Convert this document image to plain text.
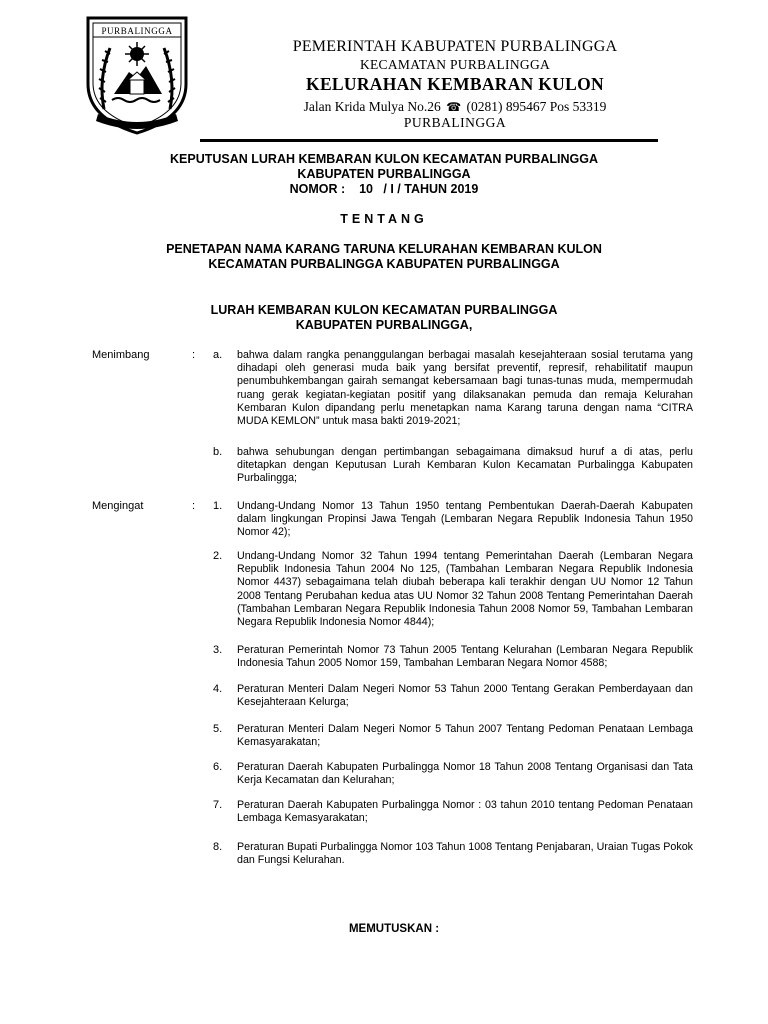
PURBALINGGA
PEMERINTAH KABUPATEN PURBALINGGA
KECAMATAN PURBALINGGA
KELURAHAN KEMBARAN KULON
Jalan Krida Mulya No.26 ☎ (0281) 895467 Pos 53319
PURBALINGGA
KEPUTUSAN LURAH KEMBARAN KULON KECAMATAN PURBALINGGA
KABUPATEN PURBALINGGA
NOMOR :    10   / I / TAHUN 2019
TENTANG
PENETAPAN NAMA KARANG TARUNA KELURAHAN KEMBARAN KULON
KECAMATAN PURBALINGGA KABUPATEN PURBALINGGA
LURAH KEMBARAN KULON KECAMATAN PURBALINGGA
KABUPATEN PURBALINGGA,
Menimbang	: a. bahwa dalam rangka penanggulangan berbagai masalah kesejahteraan sosial terutama yang dihadapi oleh generasi muda baik yang bersifat preventif, represif, rehabilitatif maupun penumbuhkembangan gairah semangat kebersamaan bagi tunas-tunas muda, mempermudah ruang gerak kegiatan-kegiatan positif yang dilaksanakan pemuda dan remaja Kelurahan Kembaran Kulon dipandang perlu menetapkan nama Karang taruna dengan nama “CITRA MUDA KEMLON” untuk masa bakti 2019-2021;
b. bahwa sehubungan dengan pertimbangan sebagaimana dimaksud huruf a di atas, perlu ditetapkan dengan Keputusan Lurah Kembaran Kulon Kecamatan Purbalingga Kabupaten Purbalingga;
Mengingat	: 1. Undang-Undang Nomor 13 Tahun 1950 tentang Pembentukan Daerah-Daerah Kabupaten dalam lingkungan Propinsi Jawa Tengah (Lembaran Negara Republik Indonesia Tahun 1950 Nomor 42);
2. Undang-Undang Nomor 32 Tahun 1994 tentang Pemerintahan Daerah (Lembaran Negara Republik Indonesia Tahun 2004 No 125, (Tambahan Lembaran Negara Republik Indonesia Nomor 4437) sebagaimana telah diubah beberapa kali terakhir dengan UU Nomor 12 Tahun 2008 Tentang Perubahan kedua atas UU Nomor 32 Tahun 2008 Tentang Pemerintahan Daerah (Tambahan Lembaran Negara Republik Indonesia Tahun 2008 Nomor 59, Tambahan Lembaran Negara Republik Indonesia Nomor 4844);
3. Peraturan Pemerintah Nomor 73 Tahun 2005 Tentang Kelurahan (Lembaran Negara Republik Indonesia Tahun 2005 Nomor 159, Tambahan Lembaran Negara Nomor 4588;
4. Peraturan Menteri Dalam Negeri Nomor 53 Tahun 2000 Tentang Gerakan Pemberdayaan dan Kesejahteraan Kelurga;
5. Peraturan Menteri Dalam Negeri Nomor 5 Tahun 2007 Tentang Pedoman Penataan Lembaga Kemasyarakatan;
6. Peraturan Daerah Kabupaten Purbalingga Nomor 18 Tahun 2008 Tentang Organisasi dan Tata Kerja Kecamatan dan Kelurahan;
7. Peraturan Daerah Kabupaten Purbalingga Nomor : 03 tahun 2010 tentang Pedoman Penataan Lembaga Kemasyarakatan;
8. Peraturan Bupati Purbalingga Nomor 103 Tahun 1008 Tentang Penjabaran, Uraian Tugas Pokok dan Fungsi Kelurahan.
MEMUTUSKAN :
